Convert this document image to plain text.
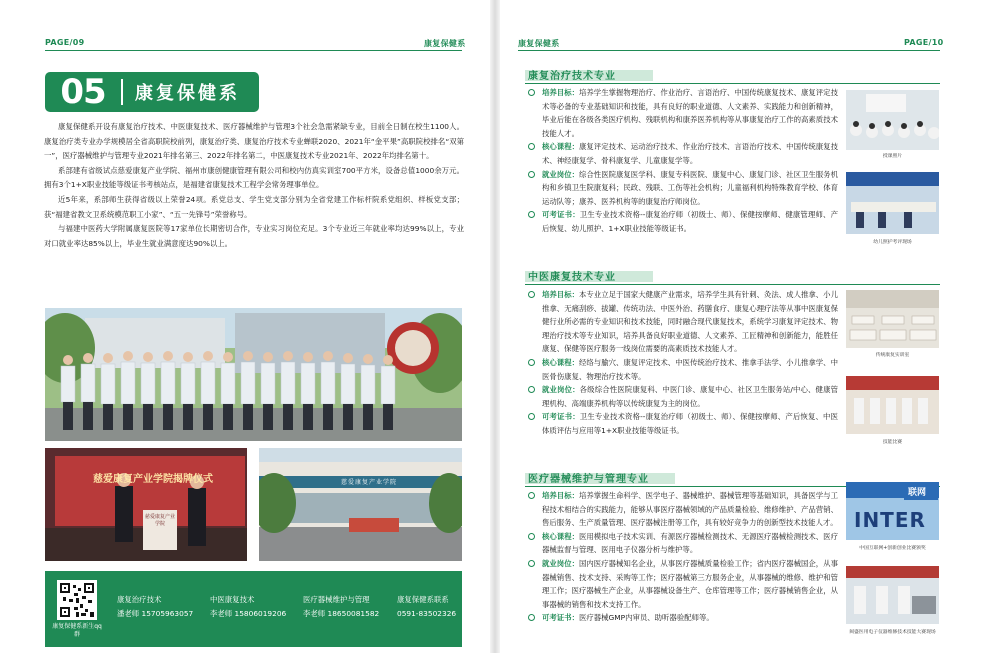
PAGE/09	康复保健系
05	康复保健系

康复保健系开设有康复治疗技术、中医康复技术、医疗器械维护与管理3个社会急需紧缺专业，目前全日制在校生1100人。康复治疗类专业办学规模居全省高职院校前列，康复治疗类、康复治疗技术专业蝉联2020、2021年“金平果”高职院校排名“双第一”，医疗器械维护与管理专业2021年排名第三、2022年排名第二，中医康复技术专业2021年、2022年均排名第十。

系部建有省级试点慈爱康复产业学院、福州市康创健康管理有限公司和校内仿真实训室700平方米，设备总值1000余万元。拥有3个1+X职业技能等级证书考核站点，是福建省康复技术工程学会常务理事单位。

近5年来，系部师生获得省级以上荣誉24项。系党总支、学生党支部分别为全省党建工作标杆院系党组织、样板党支部；获“福建省教文卫系统模范职工小家”、“五一先锋号”荣誉称号。

与福建中医药大学附属康复医院等17家单位长期密切合作，专业实习岗位充足。3个专业近三年就业率均达99%以上，专业对口就业率达85%以上，毕业生就业满意度达90%以上。

慈爱康复产业学院揭牌仪式
慈爱康复产业学院
慈爱康复产业学院
康复保健系新生qq群
康复治疗技术
潘老师 15705963057
中医康复技术
李老师 15806019206
医疗器械维护与管理
李老师 18650081582
康复保健系联系
0591-83502326
康复保健系	PAGE/10
康复治疗技术专业
培养目标：培养学生掌握物理治疗、作业治疗、言语治疗、中国传统康复技术、康复评定技术等必备的专业基础知识和技能，具有良好的职业道德、人文素养、实践能力和创新精神，毕业后能在各级各类医疗机构、残联机构和康养医养机构等从事康复治疗工作的高素质技术技能人才。
核心课程：康复评定技术、运动治疗技术、作业治疗技术、言语治疗技术、中国传统康复技术、神经康复学、骨科康复学、儿童康复学等。
就业岗位：综合性医院康复医学科、康复专科医院、康复中心、康复门诊、社区卫生服务机构和乡镇卫生院康复科；民政、残联、工伤等社会机构；儿童福利机构特殊教育学校、体育运动队等；康养、医养机构等的康复治疗师岗位。
可考证书：卫生专业技术资格--康复治疗师（初级士、师）、保健按摩师、健康管理师、产后恢复、幼儿照护、1+X职业技能等级证书。
中医康复技术专业
培养目标：本专业立足于国家大健康产业需求，培养学生具有针刺、灸法、成人推拿、小儿推拿、无痛刮痧、拔罐、传统功法、中医外治、药膳食疗、康复心理疗法等从事中医康复保健行业所必需的专业知识和技术技能，同时融合现代康复技术，系统学习康复评定技术、物理治疗技术等专业知识，培养具备良好职业道德、人文素养、工匠精神和创新能力，能胜任康复、保健等医疗服务一线岗位需要的高素质技术技能人才。
核心课程：经络与腧穴、康复评定技术、中医传统治疗技术、推拿手法学、小儿推拿学、中医骨伤康复、物理治疗技术等。
就业岗位：各级综合性医院康复科、中医门诊、康复中心、社区卫生服务站/中心、健康管理机构、高端康养机构等以传统康复为主的岗位。
可考证书：卫生专业技术资格--康复治疗师（初级士、师）、保健按摩师、产后恢复、中医体质评估与应用等1+X职业技能等级证书。
医疗器械维护与管理专业
培养目标：培养掌握生命科学、医学电子、器械维护、器械管理等基础知识，具备医学与工程技术相结合的实践能力，能够从事医疗器械领域的产品质量检验、维修维护、产品营销、售后服务、生产质量管理、医疗器械注册等工作，具有较好竞争力的创新型技术技能人才。
核心课程：医用模拟电子技术实训、有源医疗器械检测技术、无源医疗器械检测技术、医疗器械监督与管理、医用电子仪器分析与维护等。
就业岗位：国内医疗器械知名企业，从事医疗器械质量检验工作；省内医疗器械国企，从事器械销售、技术支持、采购等工作；医疗器械第三方服务企业，从事器械的维修、维护和管理工作；医疗器械生产企业，从事器械设备生产、仓库管理等工作；医疗器械销售企业，从事器械的销售和技术支持工作。
可考证书：医疗器械GMP内审员、助听器验配师等。
授课照片
幼儿照护考评现场
传统康复实训室
技能比赛
联网
INTER
中国互联网+创新创业比赛颁奖
闽盛医用电子仪器维修技术技能大赛现场
